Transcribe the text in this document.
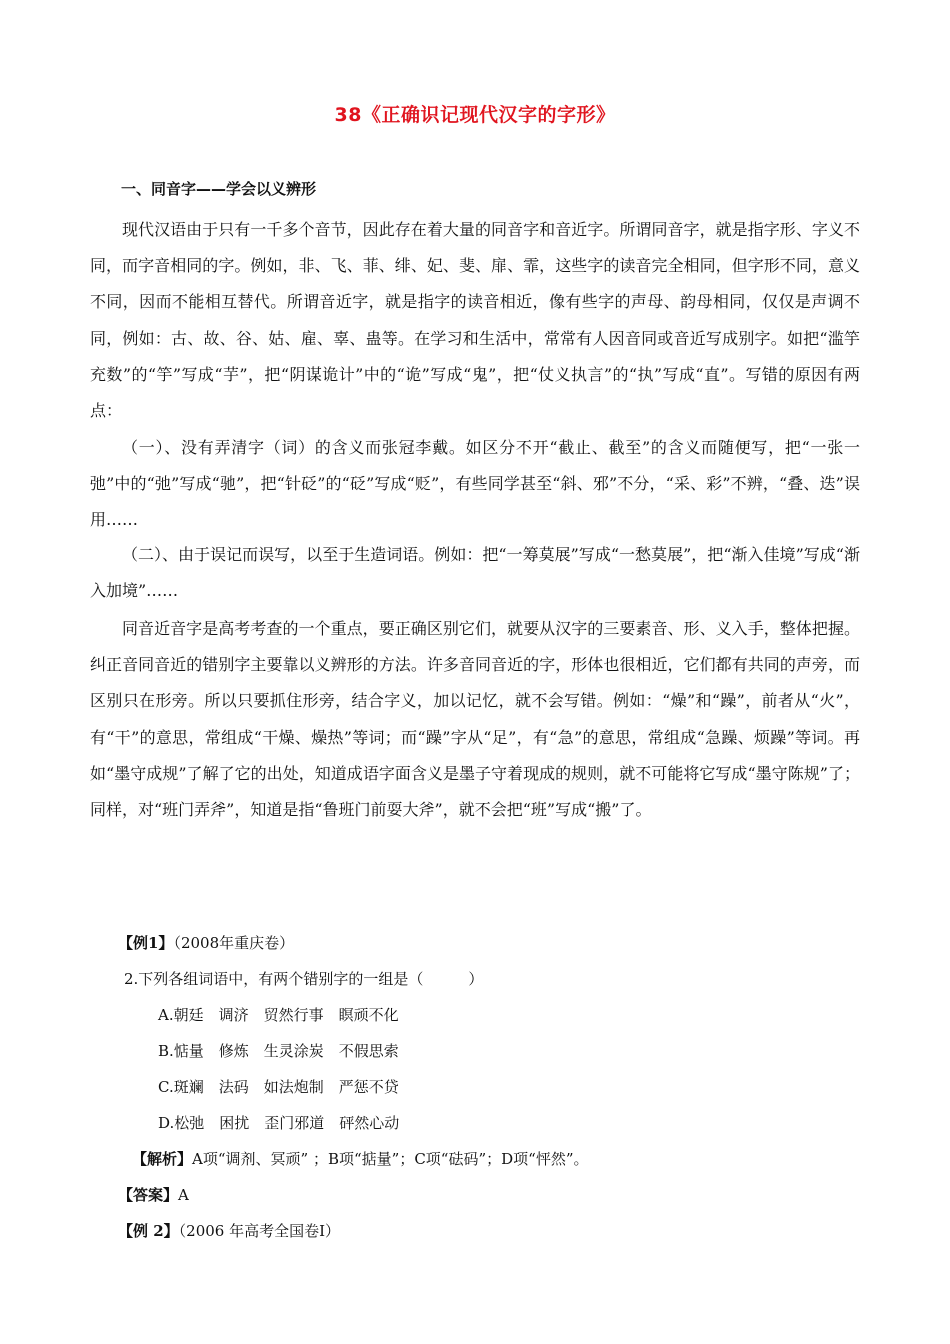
38《正确识记现代汉字的字形》
一、同音字——学会以义辨形

现代汉语由于只有一千多个音节，因此存在着大量的同音字和音近字。所谓同音字，就是指字形、字义不同，而字音相同的字。例如，非、飞、菲、绯、妃、斐、扉、霏，这些字的读音完全相同，但字形不同，意义不同，因而不能相互替代。所谓音近字，就是指字的读音相近，像有些字的声母、韵母相同，仅仅是声调不同，例如：古、故、谷、姑、雇、辜、蛊等。在学习和生活中，常常有人因音同或音近写成别字。如把“滥竽充数”的“竽”写成“芋”，把“阴谋诡计”中的“诡”写成“鬼”，把“仗义执言”的“执”写成“直”。写错的原因有两点：

（一）、没有弄清字（词）的含义而张冠李戴。如区分不开“截止、截至”的含义而随便写，把“一张一弛”中的“弛”写成“驰”，把“针砭”的“砭”写成“贬”，有些同学甚至“斜、邪”不分，“采、彩”不辨，“叠、迭”误用……

（二）、由于误记而误写，以至于生造词语。例如：把“一筹莫展”写成“一愁莫展”，把“渐入佳境”写成“渐入加境”……

同音近音字是高考考查的一个重点，要正确区别它们，就要从汉字的三要素音、形、义入手，整体把握。纠正音同音近的错别字主要靠以义辨形的方法。许多音同音近的字，形体也很相近，它们都有共同的声旁，而区别只在形旁。所以只要抓住形旁，结合字义，加以记忆，就不会写错。例如：“燥”和“躁”，前者从“火”，有“干”的意思，常组成“干燥、燥热”等词；而“躁”字从“足”，有“急”的意思，常组成“急躁、烦躁”等词。再如“墨守成规”了解了它的出处，知道成语字面含义是墨子守着现成的规则，就不可能将它写成“墨守陈规”了；同样，对“班门弄斧”，知道是指“鲁班门前耍大斧”，就不会把“班”写成“搬”了。

【例1】（2008年重庆卷）
2.下列各组词语中，有两个错别字的一组是（　　　）
A.朝廷　调济　贸然行事　瞑顽不化
B.惦量　修炼　生灵涂炭　不假思索
C.斑斓　法码　如法炮制　严惩不贷
D.松弛　困扰　歪门邪道　砰然心动
【解析】A项“调剂、冥顽” ；B项“掂量”；C项“砝码”；D项“怦然”。
【答案】A
【例 2】（2006 年高考全国卷Ⅰ）
